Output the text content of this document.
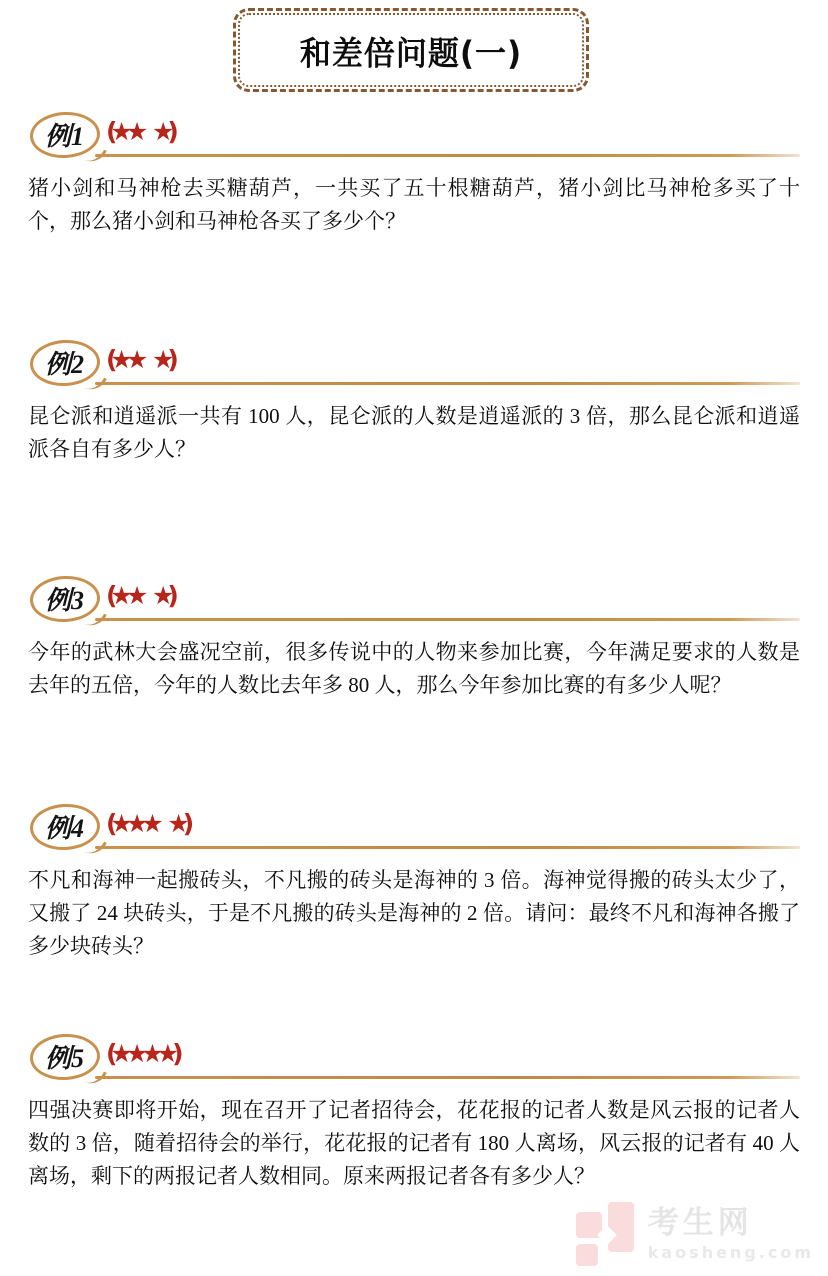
和差倍问题(一)
例1 (★★ ★)
猪小剑和马神枪去买糖葫芦，一共买了五十根糖葫芦，猪小剑比马神枪多买了十个，那么猪小剑和马神枪各买了多少个？
例2 (★★ ★)
昆仑派和逍遥派一共有 100 人，昆仑派的人数是逍遥派的 3 倍，那么昆仑派和逍遥派各自有多少人？
例3 (★★ ★)
今年的武林大会盛况空前，很多传说中的人物来参加比赛，今年满足要求的人数是去年的五倍，今年的人数比去年多 80 人，那么今年参加比赛的有多少人呢？
例4 (★★★ ★)
不凡和海神一起搬砖头，不凡搬的砖头是海神的 3 倍。海神觉得搬的砖头太少了，又搬了 24 块砖头，于是不凡搬的砖头是海神的 2 倍。请问：最终不凡和海神各搬了多少块砖头？
例5 (★★★★)
四强决赛即将开始，现在召开了记者招待会，花花报的记者人数是风云报的记者人数的 3 倍，随着招待会的举行，花花报的记者有 180 人离场，风云报的记者有 40 人离场，剩下的两报记者人数相同。原来两报记者各有多少人？
考生网
kaosheng.com
